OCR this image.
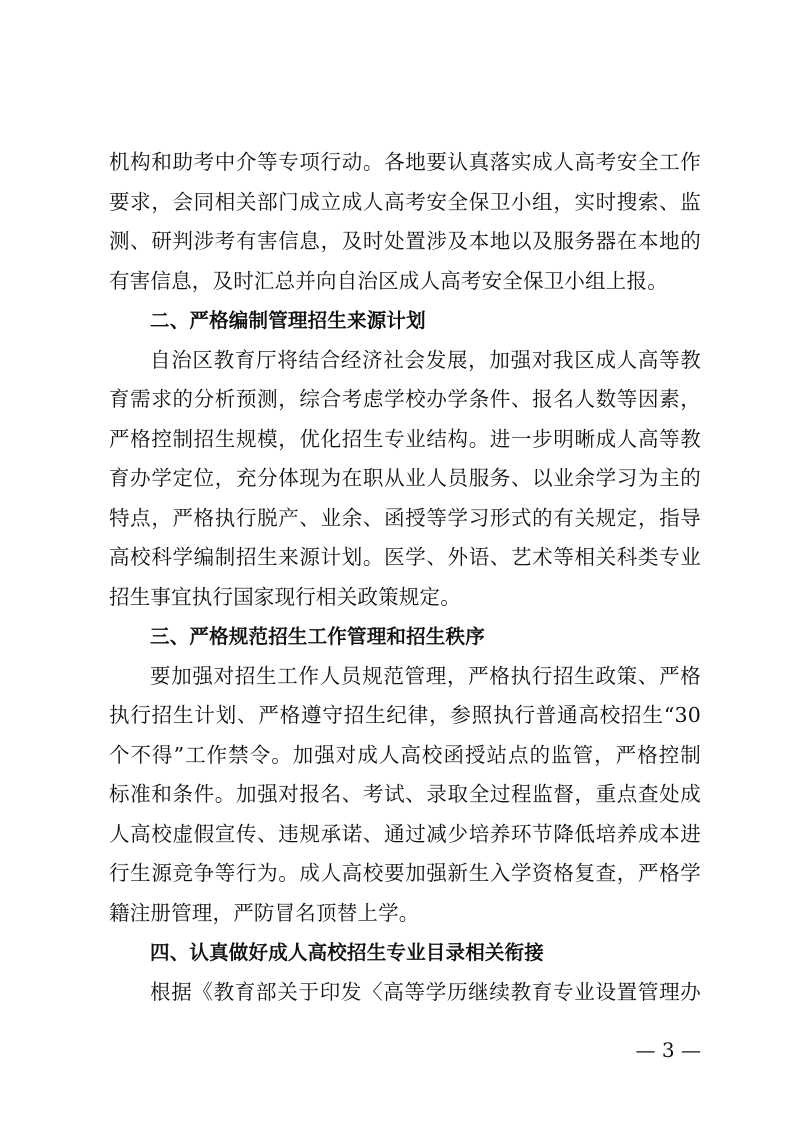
机构和助考中介等专项行动。各地要认真落实成人高考安全工作
要求，会同相关部门成立成人高考安全保卫小组，实时搜索、监
测、研判涉考有害信息，及时处置涉及本地以及服务器在本地的
有害信息，及时汇总并向自治区成人高考安全保卫小组上报。
二、严格编制管理招生来源计划
自治区教育厅将结合经济社会发展，加强对我区成人高等教
育需求的分析预测，综合考虑学校办学条件、报名人数等因素，
严格控制招生规模，优化招生专业结构。进一步明晰成人高等教
育办学定位，充分体现为在职从业人员服务、以业余学习为主的
特点，严格执行脱产、业余、函授等学习形式的有关规定，指导
高校科学编制招生来源计划。医学、外语、艺术等相关科类专业
招生事宜执行国家现行相关政策规定。
三、严格规范招生工作管理和招生秩序
要加强对招生工作人员规范管理，严格执行招生政策、严格
执行招生计划、严格遵守招生纪律，参照执行普通高校招生“30
个不得”工作禁令。加强对成人高校函授站点的监管，严格控制
标准和条件。加强对报名、考试、录取全过程监督，重点查处成
人高校虚假宣传、违规承诺、通过减少培养环节降低培养成本进
行生源竞争等行为。成人高校要加强新生入学资格复查，严格学
籍注册管理，严防冒名顶替上学。
四、认真做好成人高校招生专业目录相关衔接
根据《教育部关于印发〈高等学历继续教育专业设置管理办
— 3 —
